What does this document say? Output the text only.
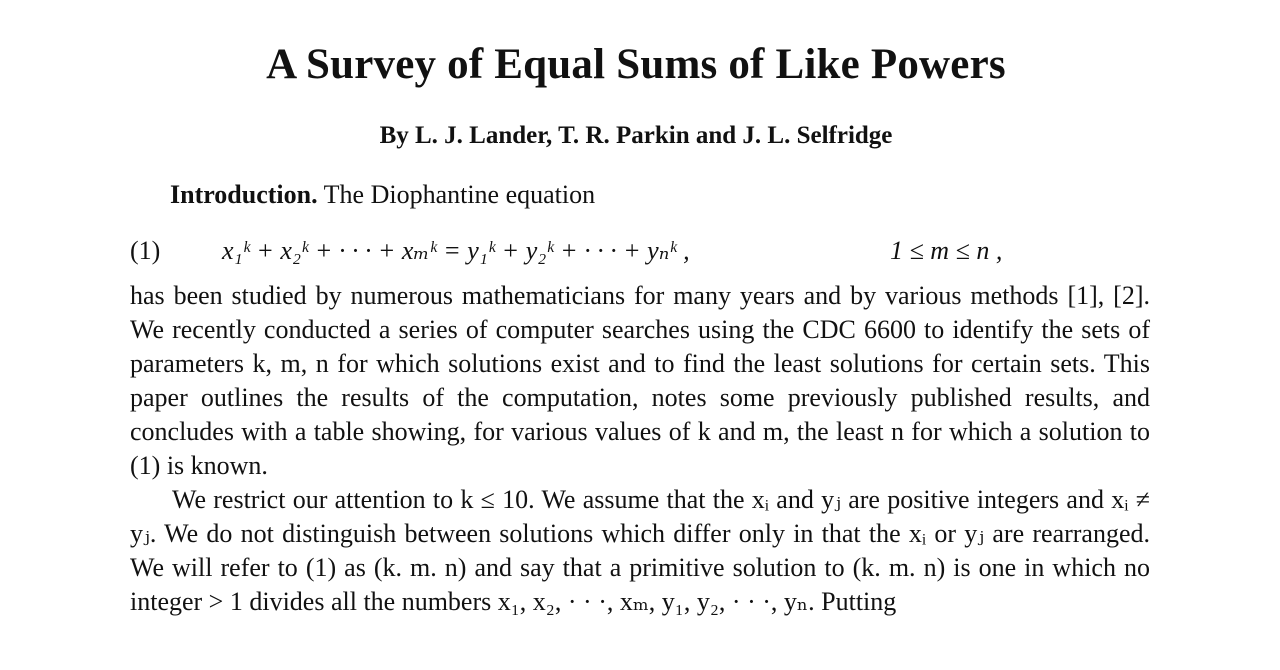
A Survey of Equal Sums of Like Powers
By L. J. Lander, T. R. Parkin and J. L. Selfridge
Introduction. The Diophantine equation
(1) x₁ᵏ + x₂ᵏ + · · · + xₘᵏ = y₁ᵏ + y₂ᵏ + · · · + yₙᵏ ,	1 ≤ m ≤ n ,

has been studied by numerous mathematicians for many years and by various methods [1], [2]. We recently conducted a series of computer searches using the CDC 6600 to identify the sets of parameters k, m, n for which solutions exist and to find the least solutions for certain sets. This paper outlines the results of the computation, notes some previously published results, and concludes with a table showing, for various values of k and m, the least n for which a solution to (1) is known.

We restrict our attention to k ≤ 10. We assume that the xᵢ and yⱼ are positive integers and xᵢ ≠ yⱼ. We do not distinguish between solutions which differ only in that the xᵢ or yⱼ are rearranged. We will refer to (1) as (k. m. n) and say that a primitive solution to (k. m. n) is one in which no integer > 1 divides all the numbers x₁, x₂, · · ·, xₘ, y₁, y₂, · · ·, yₙ. Putting
